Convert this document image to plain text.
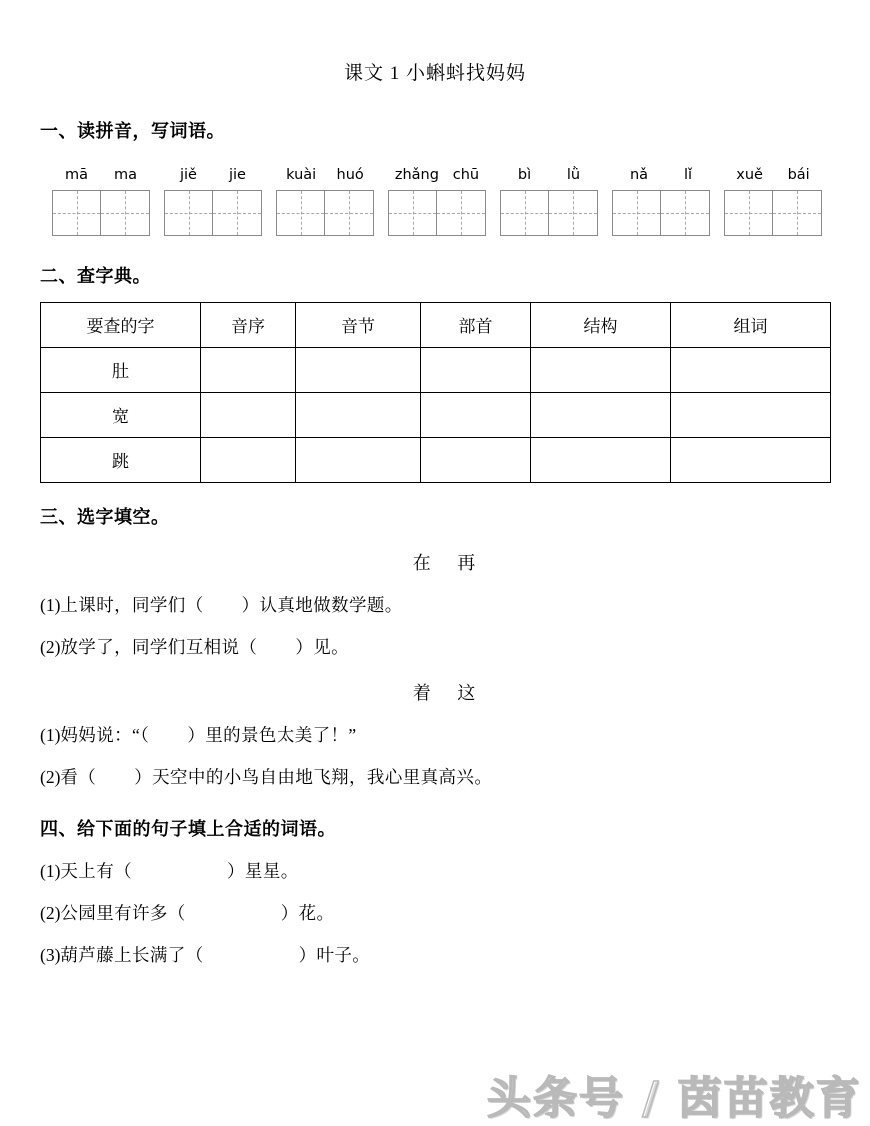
课文 1 小蝌蚪找妈妈
一、读拼音，写词语。
mā ma	jiě jie	kuài huó zhǎng chū	bì lǜ	nǎ lǐ	xuě bái
二、查字典。
要查的字	音序	音节	部首	结构	组词
肚					
宽					
跳					
三、选字填空。
在 再
(1)上课时，同学们（ ）认真地做数学题。
(2)放学了，同学们互相说（ ）见。
着 这
(1)妈妈说：“（ ）里的景色太美了！”
(2)看（ ）天空中的小鸟自由地飞翔，我心里真高兴。
四、给下面的句子填上合适的词语。
(1)天上有（	）星星。
(2)公园里有许多（	）花。
(3)葫芦藤上长满了（	）叶子。
头条号 / 茵苗教育
